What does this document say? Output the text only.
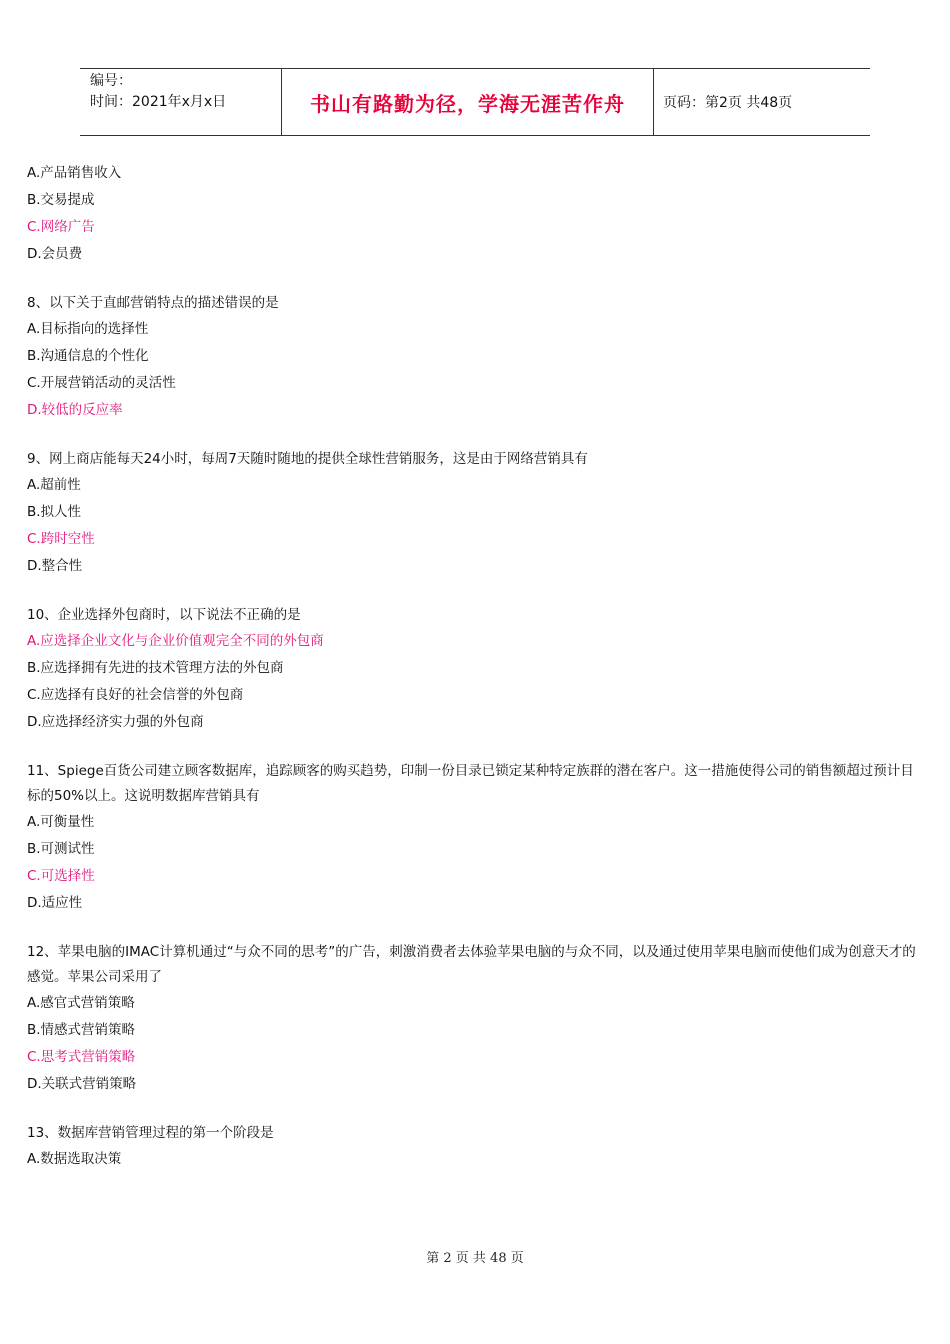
编号：
时间：2021年x月x日	书山有路勤为径，学海无涯苦作舟	页码：第2页 共48页
A.产品销售收入
B.交易提成
C.网络广告
D.会员费
8、以下关于直邮营销特点的描述错误的是
A.目标指向的选择性
B.沟通信息的个性化
C.开展营销活动的灵活性
D.较低的反应率
9、网上商店能每天24小时，每周7天随时随地的提供全球性营销服务，这是由于网络营销具有
A.超前性
B.拟人性
C.跨时空性
D.整合性
10、企业选择外包商时，以下说法不正确的是
A.应选择企业文化与企业价值观完全不同的外包商
B.应选择拥有先进的技术管理方法的外包商
C.应选择有良好的社会信誉的外包商
D.应选择经济实力强的外包商
11、Spiege百货公司建立顾客数据库，追踪顾客的购买趋势，印制一份目录已锁定某种特定族群的潜在客户。这一措施使得公司的销售额超过预计目标的50%以上。这说明数据库营销具有
A.可衡量性
B.可测试性
C.可选择性
D.适应性
12、苹果电脑的IMAC计算机通过“与众不同的思考”的广告，刺激消费者去体验苹果电脑的与众不同，以及通过使用苹果电脑而使他们成为创意天才的感觉。苹果公司采用了
A.感官式营销策略
B.情感式营销策略
C.思考式营销策略
D.关联式营销策略
13、数据库营销管理过程的第一个阶段是
A.数据选取决策
第 2 页 共 48 页
